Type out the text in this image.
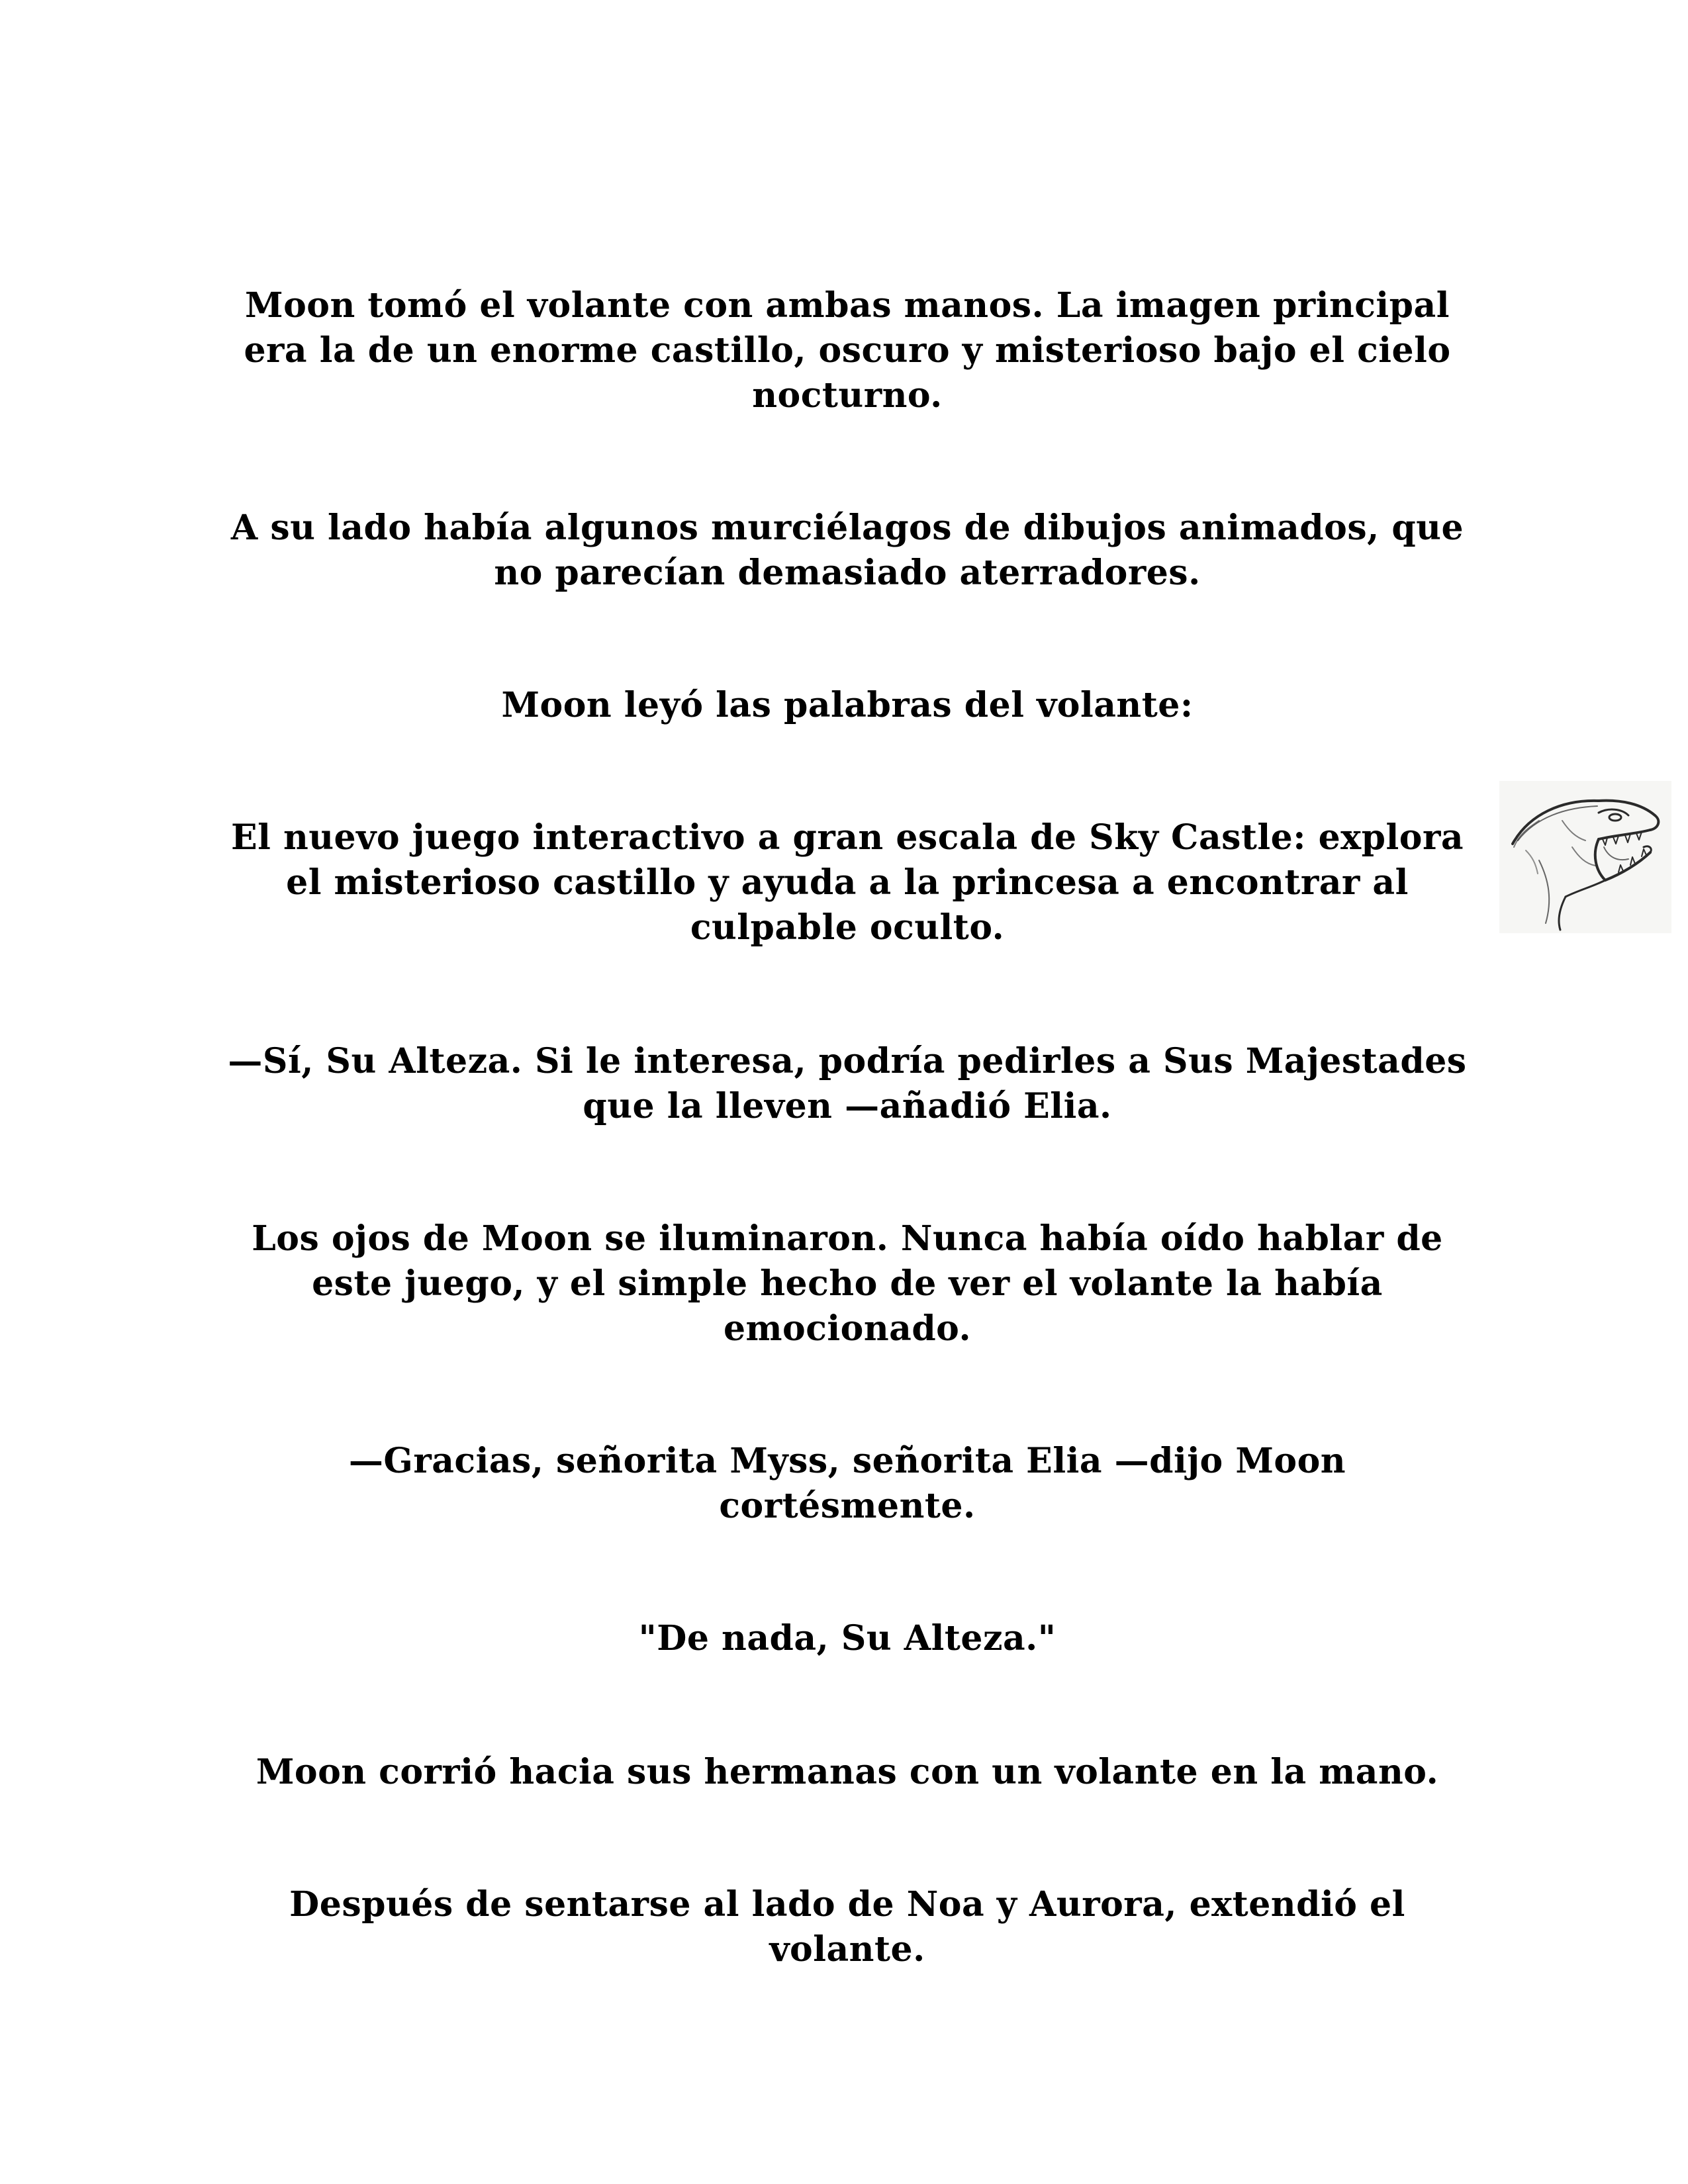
Moon tomó el volante con ambas manos. La imagen principal
era la de un enorme castillo, oscuro y misterioso bajo el cielo
nocturno.

A su lado había algunos murciélagos de dibujos animados, que
no parecían demasiado aterradores.

Moon leyó las palabras del volante:

El nuevo juego interactivo a gran escala de Sky Castle: explora
el misterioso castillo y ayuda a la princesa a encontrar al
culpable oculto.

—Sí, Su Alteza. Si le interesa, podría pedirles a Sus Majestades
que la lleven —añadió Elia.

Los ojos de Moon se iluminaron. Nunca había oído hablar de
este juego, y el simple hecho de ver el volante la había
emocionado.

—Gracias, señorita Myss, señorita Elia —dijo Moon
cortésmente.

"De nada, Su Alteza."

Moon corrió hacia sus hermanas con un volante en la mano.

Después de sentarse al lado de Noa y Aurora, extendió el
volante.
